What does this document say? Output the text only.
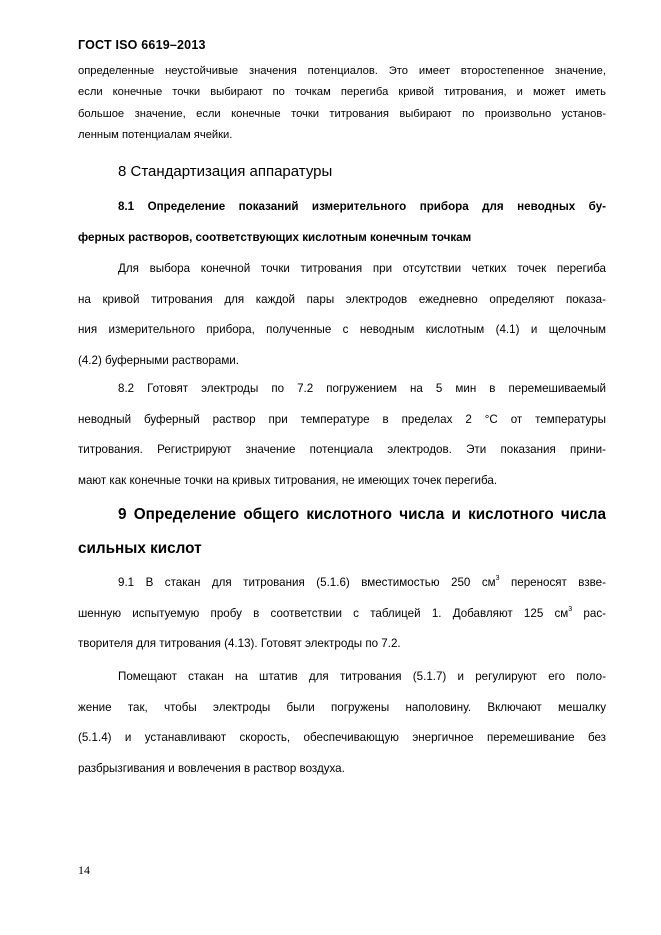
ГОСТ ISO 6619–2013
определенные неустойчивые значения потенциалов. Это имеет второстепенное значение,
если конечные точки выбирают по точкам перегиба кривой титрования, и может иметь
большое значение, если конечные точки титрования выбирают по произвольно установ-
ленным потенциалам ячейки.
8 Стандартизация аппаратуры
8.1 Определение показаний измерительного прибора для неводных бу-
ферных растворов, соответствующих кислотным конечным точкам
Для выбора конечной точки титрования при отсутствии четких точек перегиба
на кривой титрования для каждой пары электродов ежедневно определяют показа-
ния измерительного прибора, полученные с неводным кислотным (4.1) и щелочным
(4.2) буферными растворами.
8.2 Готовят электроды по 7.2 погружением на 5 мин в перемешиваемый
неводный буферный раствор при температуре в пределах 2 °С от температуры
титрования. Регистрируют значение потенциала электродов. Эти показания прини-
мают как конечные точки на кривых титрования, не имеющих точек перегиба.
9 Определение общего кислотного числа и кислотного числа
сильных кислот
9.1 В стакан для титрования (5.1.6) вместимостью 250 $см^3$ переносят взве-
шенную испытуемую пробу в соответствии с таблицей 1. Добавляют 125 $см^3$ рас-
творителя для титрования (4.13). Готовят электроды по 7.2.
Помещают стакан на штатив для титрования (5.1.7) и регулируют его поло-
жение так, чтобы электроды были погружены наполовину. Включают мешалку
(5.1.4) и устанавливают скорость, обеспечивающую энергичное перемешивание без
разбрызгивания и вовлечения в раствор воздуха.
14
